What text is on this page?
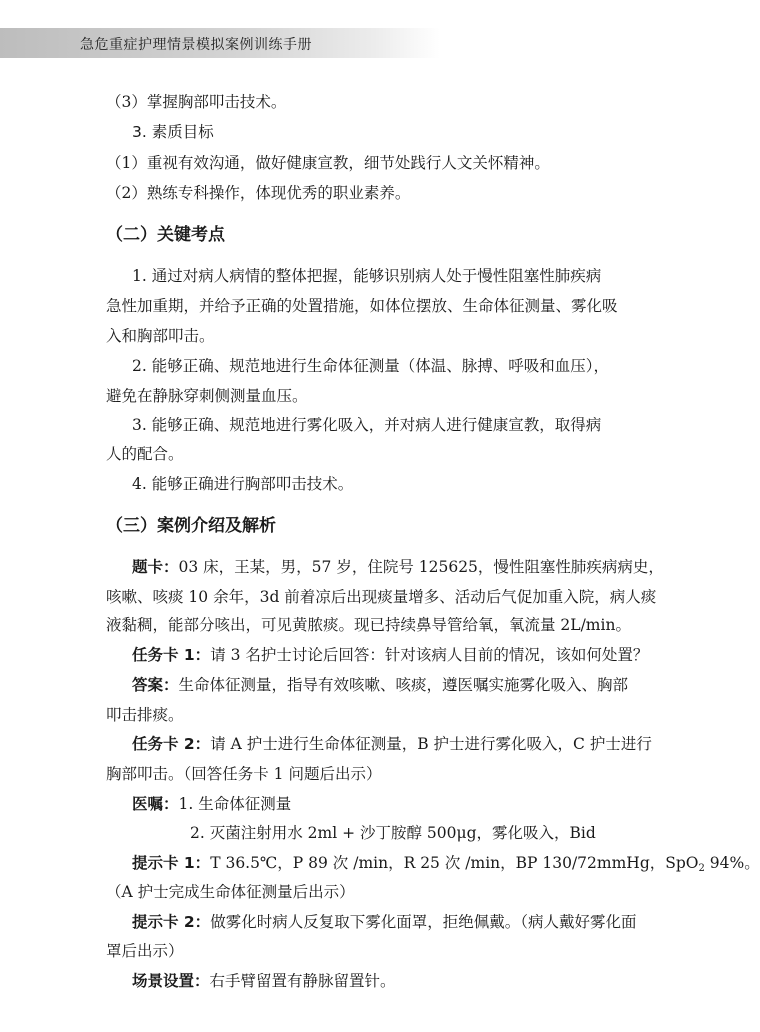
急危重症护理情景模拟案例训练手册
（3）掌握胸部叩击技术。
3. 素质目标
（1）重视有效沟通，做好健康宣教，细节处践行人文关怀精神。
（2）熟练专科操作，体现优秀的职业素养。
（二）关键考点
1. 通过对病人病情的整体把握，能够识别病人处于慢性阻塞性肺疾病
急性加重期，并给予正确的处置措施，如体位摆放、生命体征测量、雾化吸
入和胸部叩击。
2. 能够正确、规范地进行生命体征测量（体温、脉搏、呼吸和血压），
避免在静脉穿刺侧测量血压。
3. 能够正确、规范地进行雾化吸入，并对病人进行健康宣教，取得病
人的配合。
4. 能够正确进行胸部叩击技术。
（三）案例介绍及解析
题卡：03 床，王某，男，57 岁，住院号 125625，慢性阻塞性肺疾病病史，
咳嗽、咳痰 10 余年，3d 前着凉后出现痰量增多、活动后气促加重入院，病人痰
液黏稠，能部分咳出，可见黄脓痰。现已持续鼻导管给氧，氧流量 2L/min。
任务卡 1：请 3 名护士讨论后回答：针对该病人目前的情况，该如何处置？
答案：生命体征测量，指导有效咳嗽、咳痰，遵医嘱实施雾化吸入、胸部
叩击排痰。
任务卡 2：请 A 护士进行生命体征测量，B 护士进行雾化吸入，C 护士进行
胸部叩击。（回答任务卡 1 问题后出示）
医嘱：1. 生命体征测量
2. 灭菌注射用水 2ml + 沙丁胺醇 500μg，雾化吸入，Bid
提示卡 1：T 36.5℃，P 89 次 /min，R 25 次 /min，BP 130/72mmHg，SpO$_2$ 94%。
（A 护士完成生命体征测量后出示）
提示卡 2：做雾化时病人反复取下雾化面罩，拒绝佩戴。（病人戴好雾化面
罩后出示）
场景设置：右手臂留置有静脉留置针。
